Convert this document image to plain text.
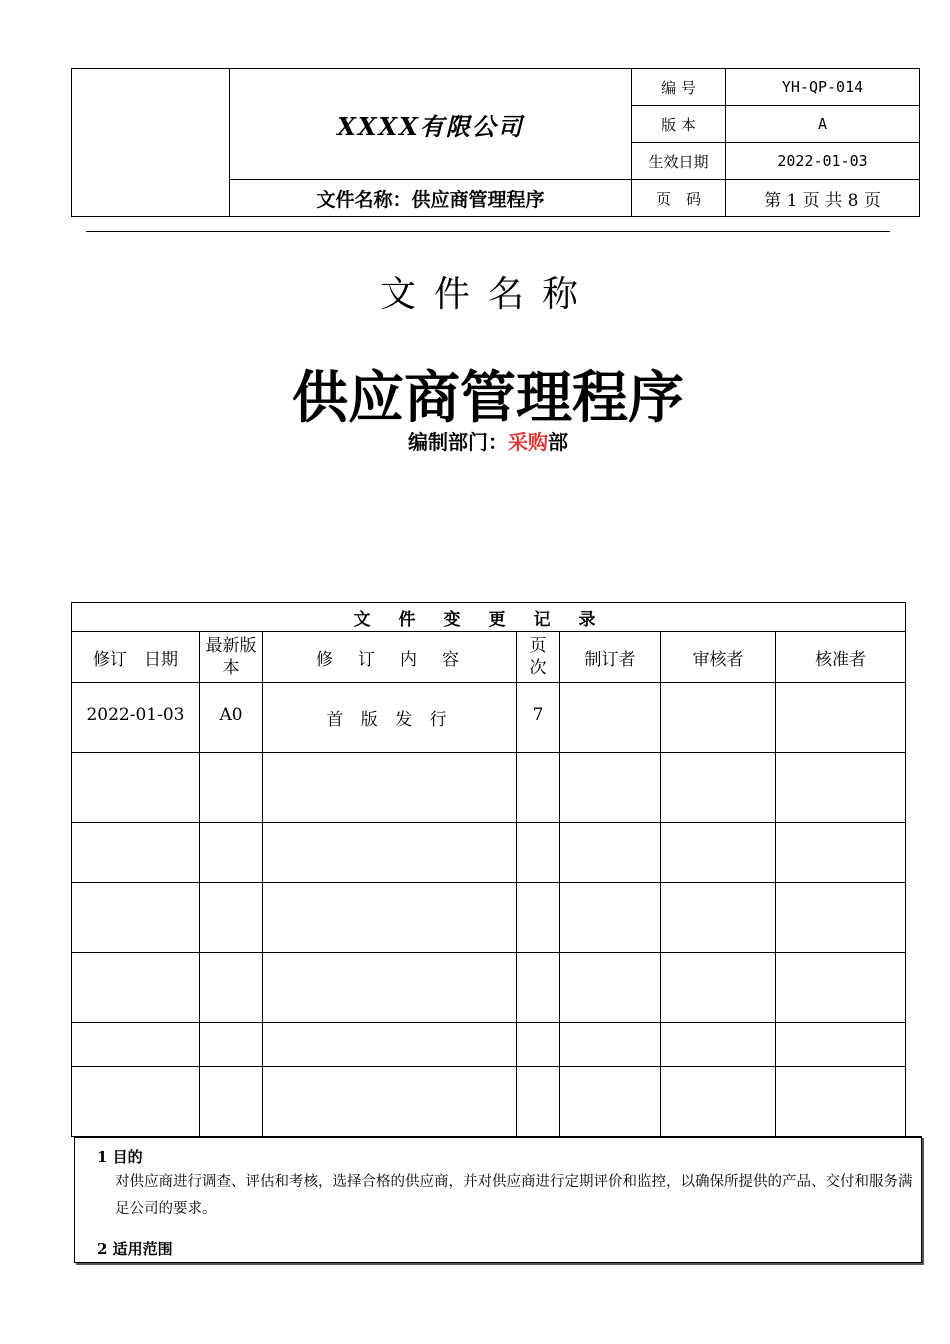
	XXXX有限公司	编 号	YH-QP-014
		版 本	A
		生效日期	2022-01-03
	文件名称：供应商管理程序	页　码	第 1 页 共 8 页
文件名称
供应商管理程序
编制部门：采购部
文件变更记录						
修订　日期	最新版本	修　订　内　容	页次	制订者	审核者	核准者
2022-01-03	A0	首 版 发 行	7			

1 目的
对供应商进行调查、评估和考核，选择合格的供应商，并对供应商进行定期评价和监控，以确保所提供的产品、交付和服务满足公司的要求。
2 适用范围
